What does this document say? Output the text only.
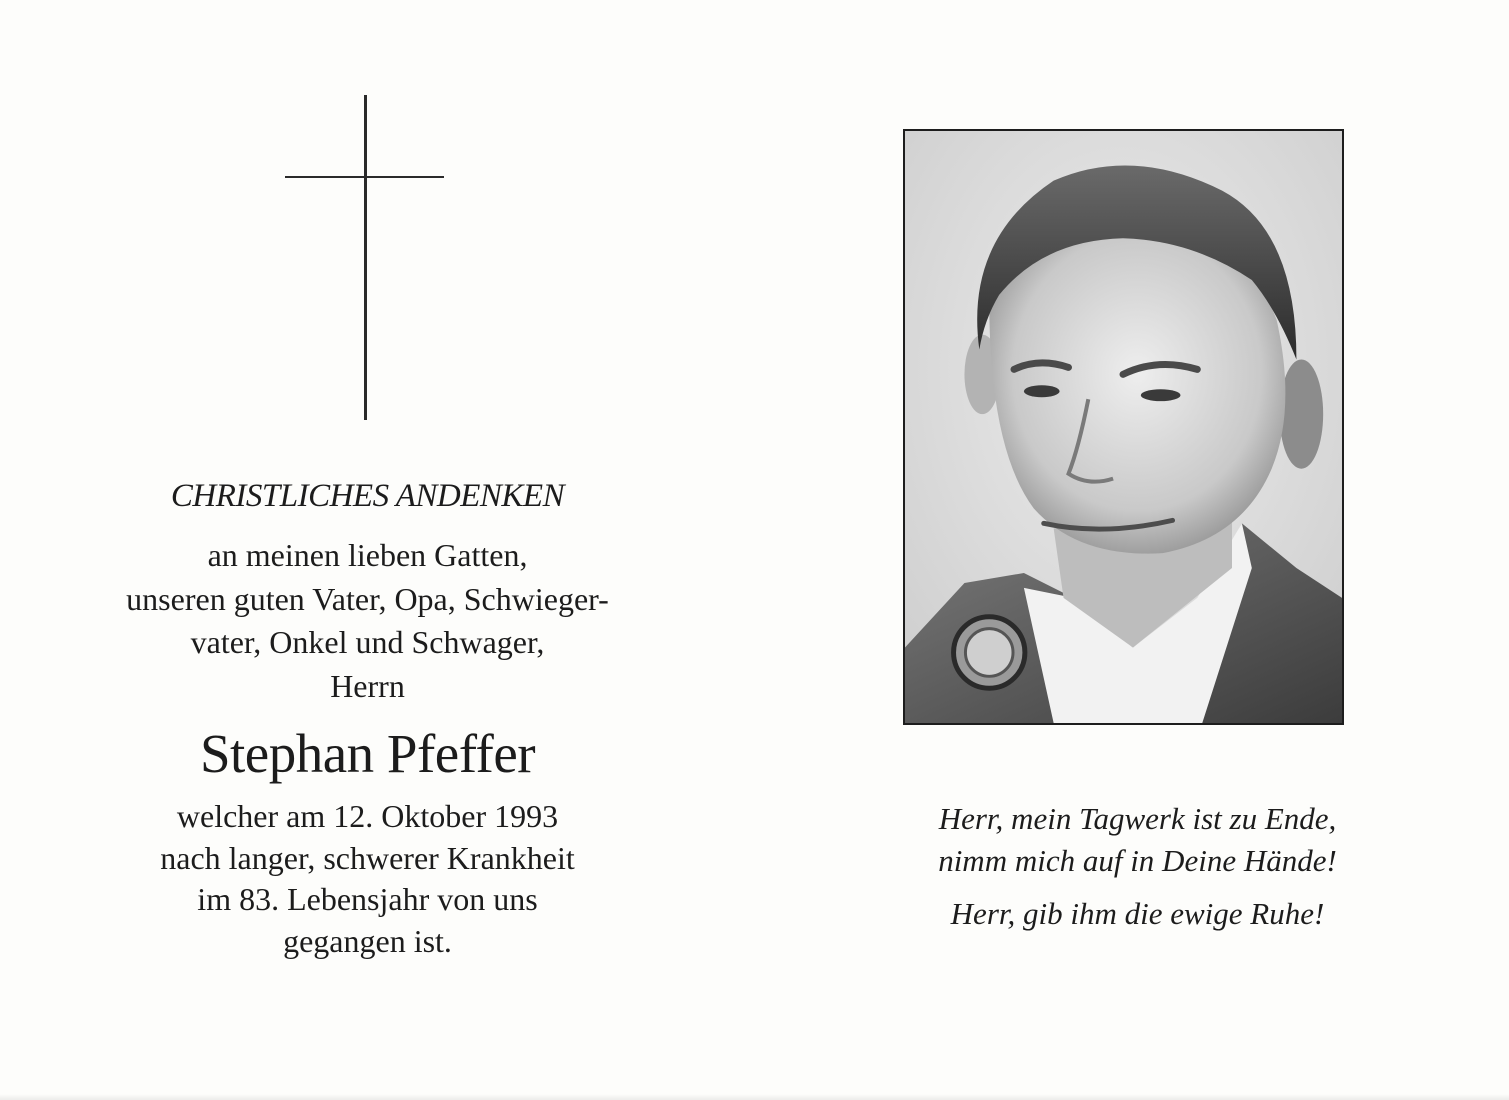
CHRISTLICHES ANDENKEN
an meinen lieben Gatten,
unseren guten Vater, Opa, Schwieger-
vater, Onkel und Schwager,
Herrn
Stephan Pfeffer
welcher am 12. Oktober 1993
nach langer, schwerer Krankheit
im 83. Lebensjahr von uns
gegangen ist.
Herr, mein Tagwerk ist zu Ende,
nimm mich auf in Deine Hände!
Herr, gib ihm die ewige Ruhe!
